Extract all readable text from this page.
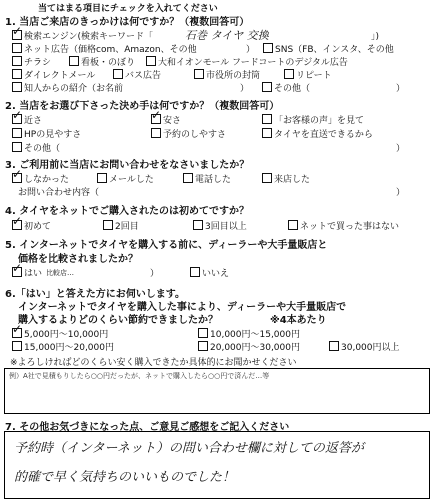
当てはまる項目にチェックを入れてください
1. 当店ご来店のきっかけは何ですか？（複数回答可）
✓ 検索エンジン(検索キーワード「	石巻 タイヤ 交換	」)
ネット広告（価格com、Amazon、その他	） SNS（FB、インスタ、その他
チラシ	看板・のぼり	大和イオンモール フードコートのデジタル広告
ダイレクトメール	バス広告	市役所の封筒	リピート
知人からの紹介（お名前	）	その他（	）
2. 当店をお選び下さった決め手は何ですか？（複数回答可）
✓ 近さ	✓ 安さ	「お客様の声」を見て
HPの見やすさ	予約のしやすさ	タイヤを直送できるから
その他（	）
3. ご利用前に当店にお問い合わせをなさいましたか？
✓ しなかった	メールした	電話した	来店した
お問い合わせ内容（	）
4. タイヤをネットでご購入されたのは初めてですか？
✓ 初めて	2回目	3回目以上	ネットで買った事はない
5. インターネットでタイヤを購入する前に、ディーラーや大手量販店と
価格を比較されましたか？
✓ はい 比較店…	）	いいえ
6.「はい」と答えた方にお伺いします。
インターネットでタイヤを購入した事により、ディーラーや大手量販店で
購入するよりどのくらい節約できましたか？	※4本あたり
✓ 5,000円〜10,000円	10,000円〜15,000円
15,000円〜20,000円	20,000円〜30,000円	30,000円以上
※よろしければどのくらい安く購入できたか具体的にお聞かせください
例）A社で見積もりしたら○○円だったが、ネットで購入したら○○円で済んだ…等
7. その他お気づきになった点、ご意見ご感想をご記入ください
予約時（インターネット）の問い合わせ欄に対しての返答が
的確で早く気持ちのいいものでした！
